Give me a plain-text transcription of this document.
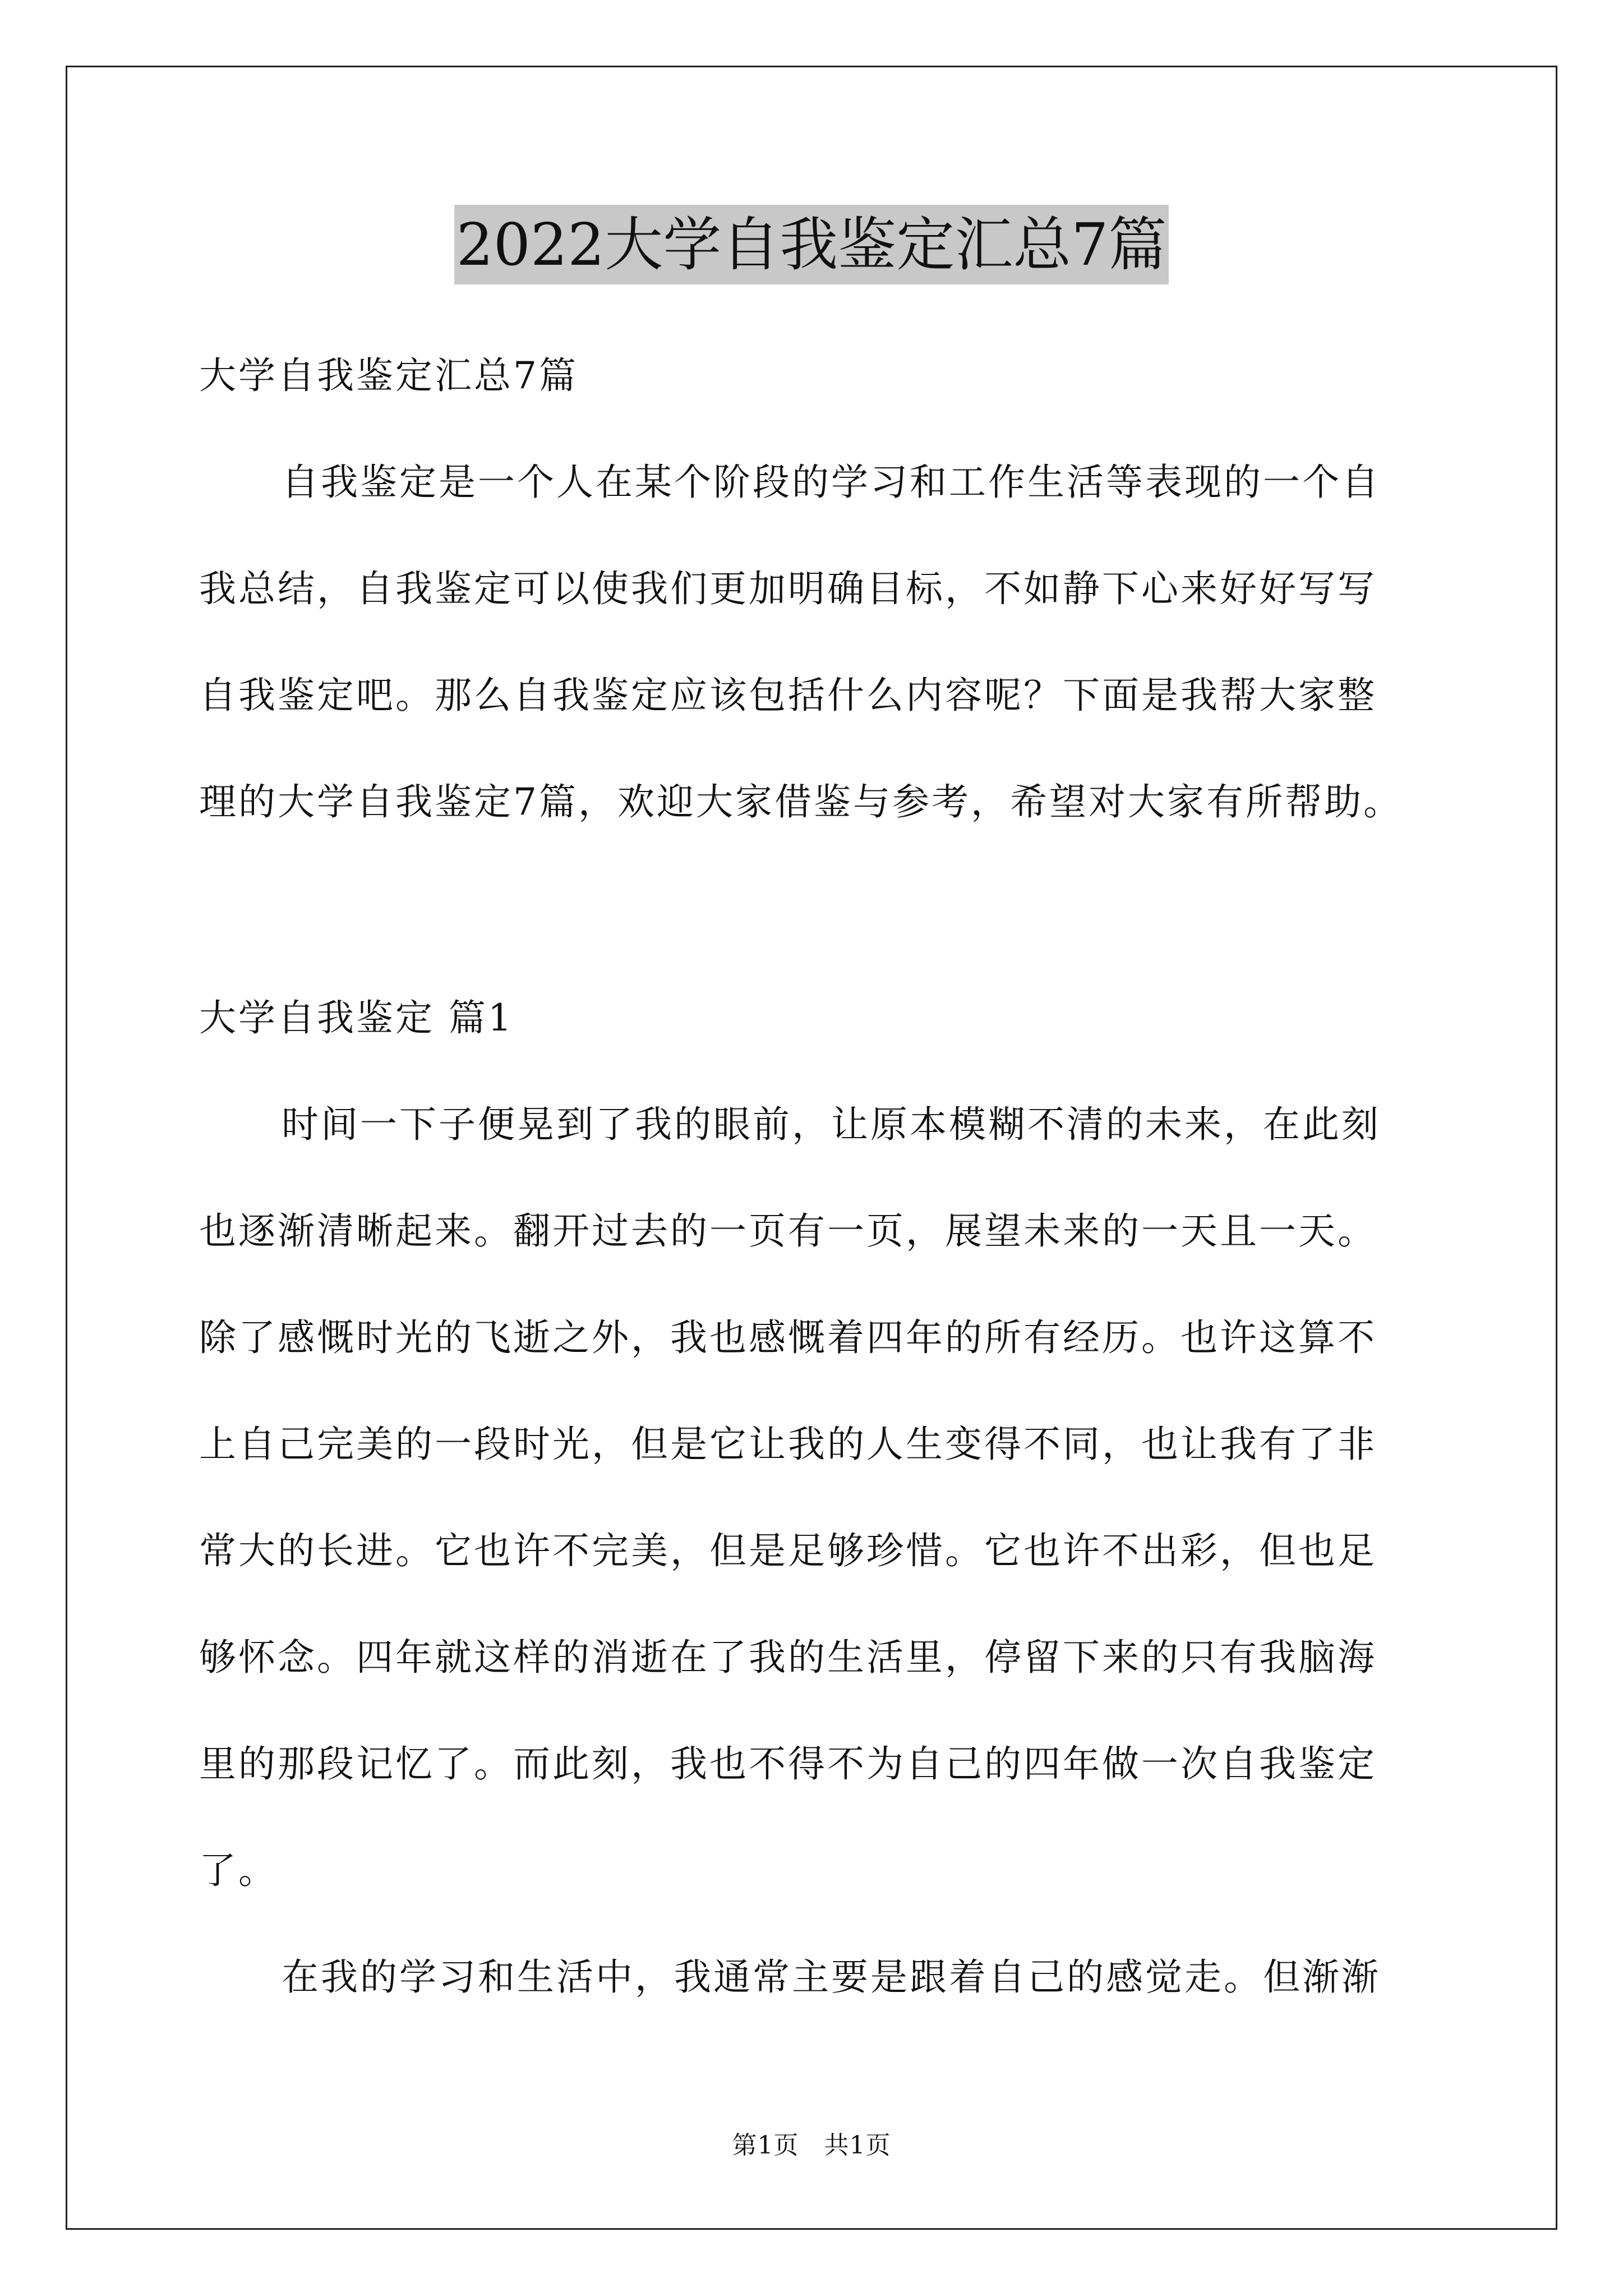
2022大学自我鉴定汇总7篇

大学自我鉴定汇总7篇

自我鉴定是一个人在某个阶段的学习和工作生活等表现的一个自

我总结，自我鉴定可以使我们更加明确目标，不如静下心来好好写写

自我鉴定吧。那么自我鉴定应该包括什么内容呢？下面是我帮大家整

理的大学自我鉴定7篇，欢迎大家借鉴与参考，希望对大家有所帮助。

大学自我鉴定 篇1

时间一下子便晃到了我的眼前，让原本模糊不清的未来，在此刻

也逐渐清晰起来。翻开过去的一页有一页，展望未来的一天且一天。

除了感慨时光的飞逝之外，我也感慨着四年的所有经历。也许这算不

上自己完美的一段时光，但是它让我的人生变得不同，也让我有了非

常大的长进。它也许不完美，但是足够珍惜。它也许不出彩，但也足

够怀念。四年就这样的消逝在了我的生活里，停留下来的只有我脑海

里的那段记忆了。而此刻，我也不得不为自己的四年做一次自我鉴定

了。

在我的学习和生活中，我通常主要是跟着自己的感觉走。但渐渐

第1页　共1页
